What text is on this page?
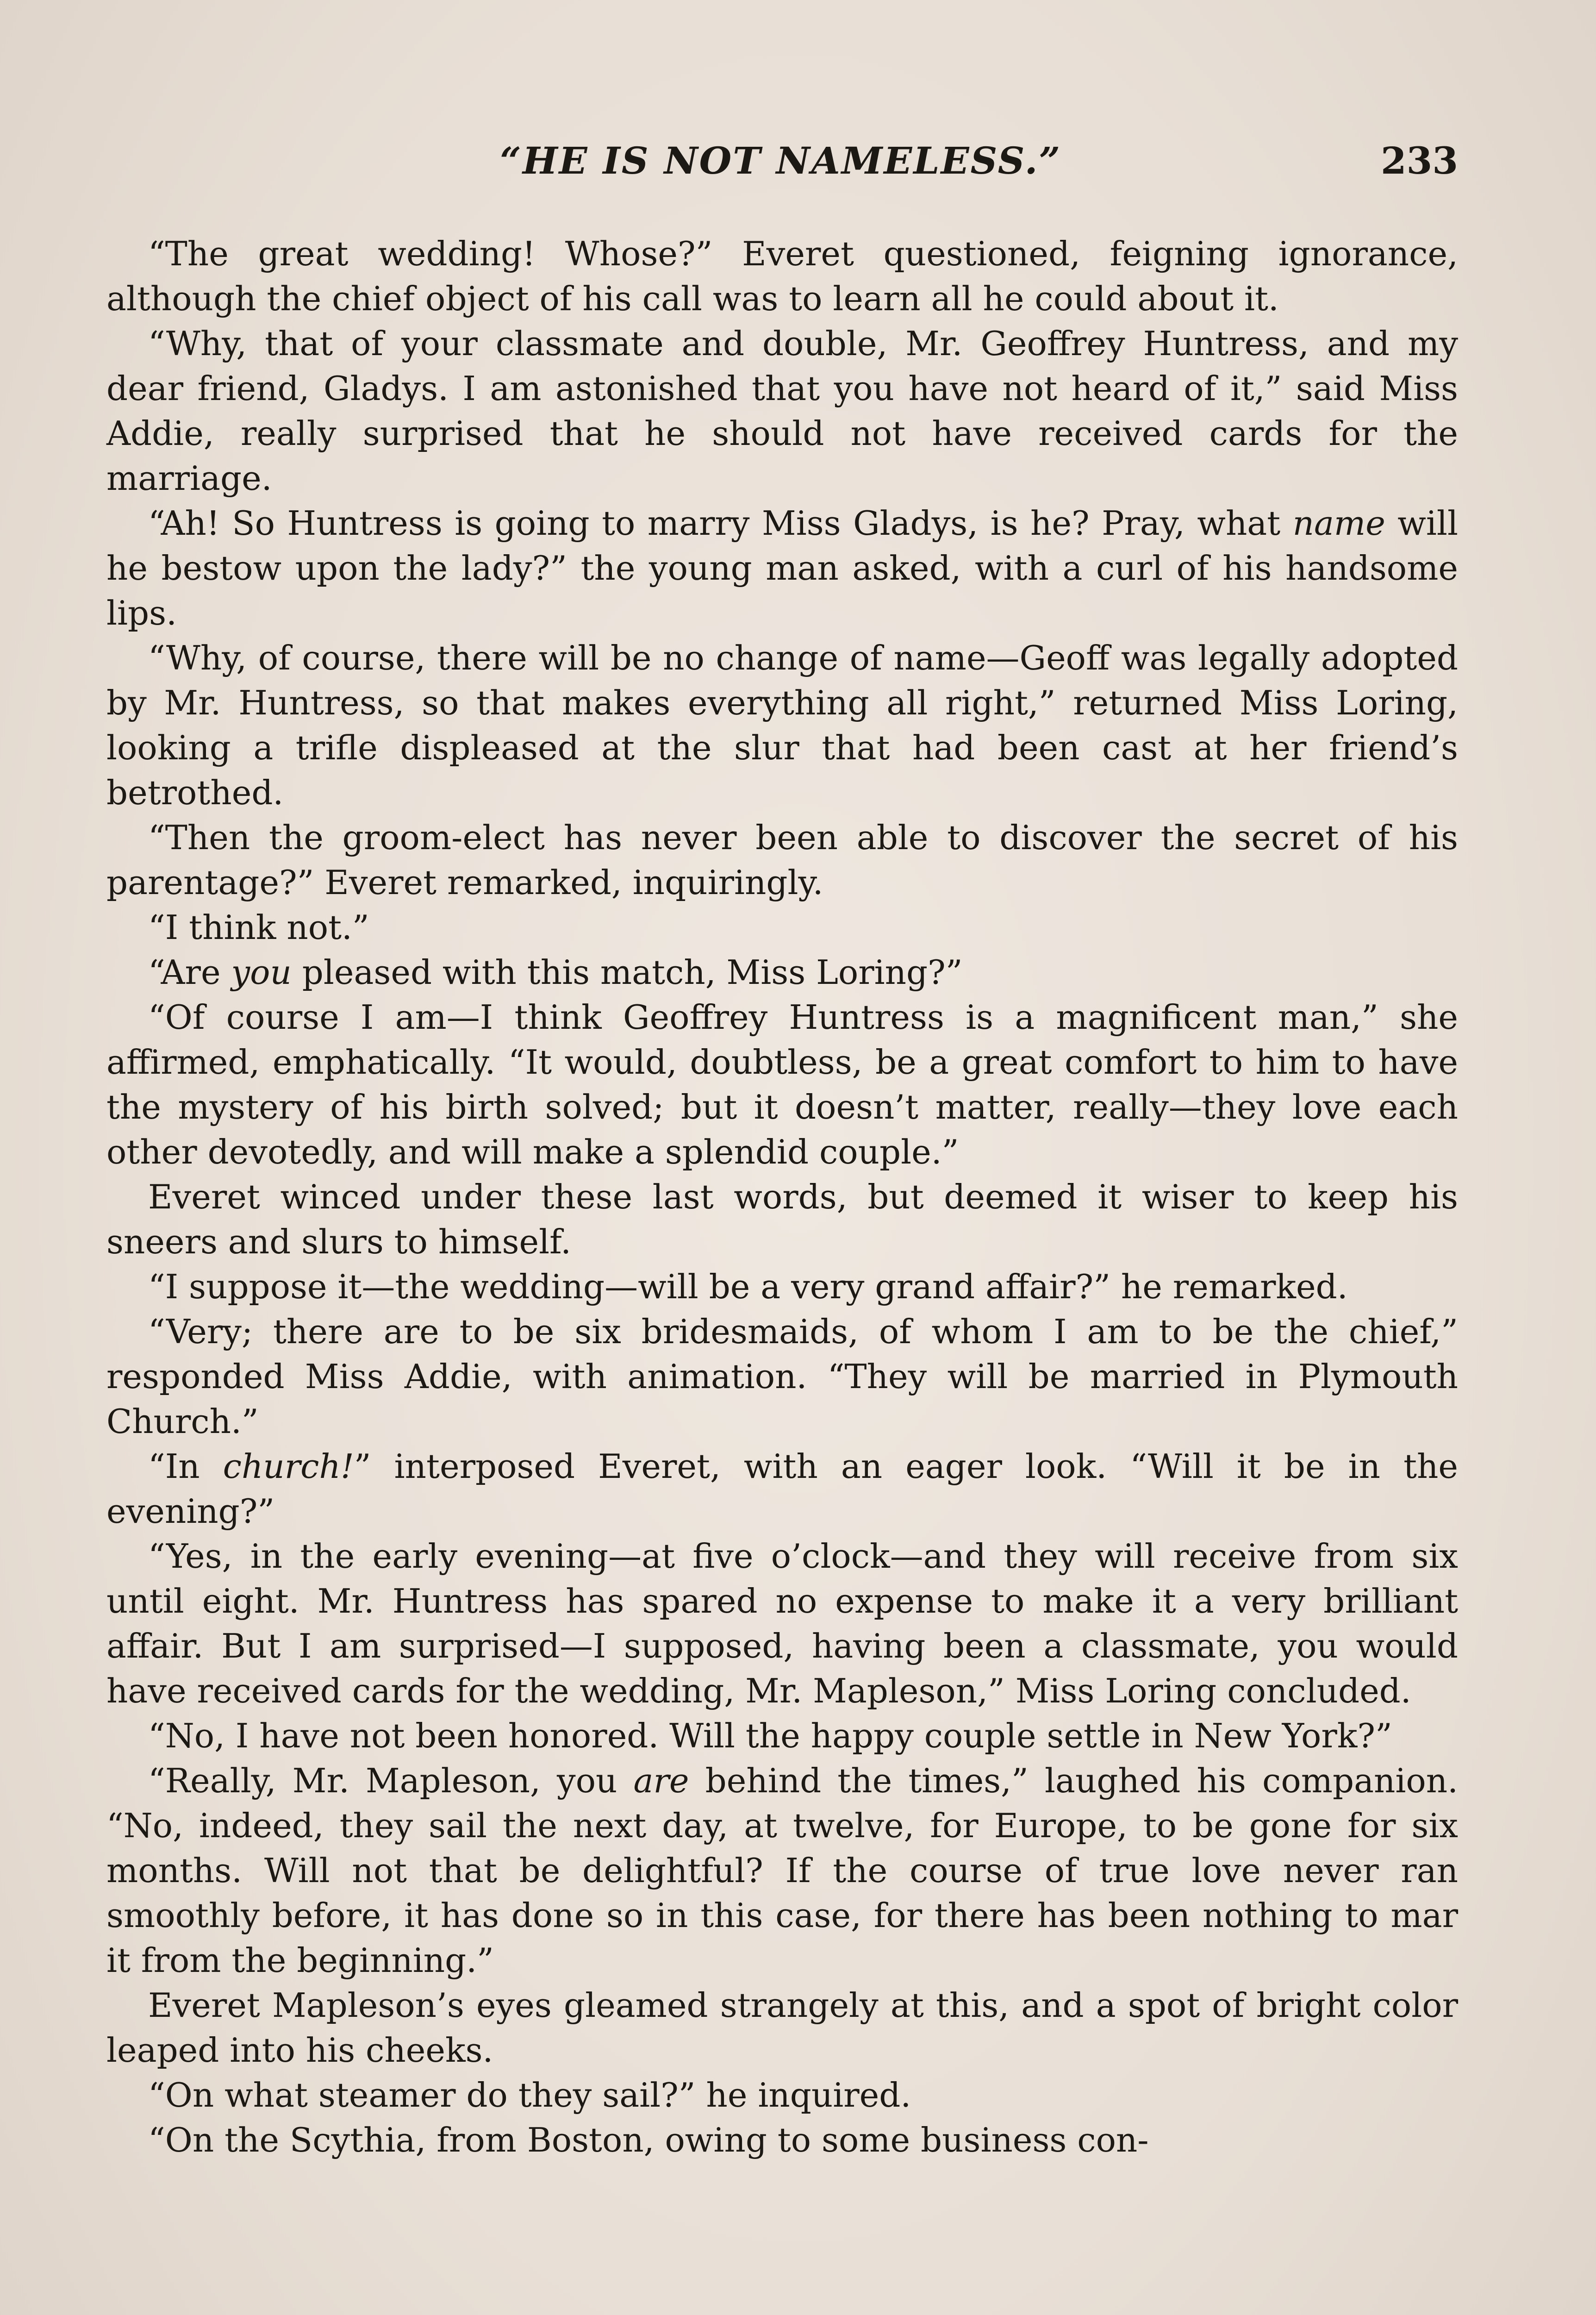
“HE IS NOT NAMELESS.”	233

“The great wedding! Whose?” Everet questioned, feigning ignorance, although the chief object of his call was to learn all he could about it.

“Why, that of your classmate and double, Mr. Geoffrey Huntress, and my dear friend, Gladys. I am astonished that you have not heard of it,” said Miss Addie, really surprised that he should not have received cards for the marriage.

“Ah! So Huntress is going to marry Miss Gladys, is he? Pray, what name will he bestow upon the lady?” the young man asked, with a curl of his handsome lips.

“Why, of course, there will be no change of name—Geoff was legally adopted by Mr. Huntress, so that makes everything all right,” returned Miss Loring, looking a trifle displeased at the slur that had been cast at her friend’s betrothed.

“Then the groom-elect has never been able to discover the secret of his parentage?” Everet remarked, inquiringly.

“I think not.”

“Are you pleased with this match, Miss Loring?”

“Of course I am—I think Geoffrey Huntress is a magnificent man,” she affirmed, emphatically. “It would, doubtless, be a great comfort to him to have the mystery of his birth solved; but it doesn’t matter, really—they love each other devotedly, and will make a splendid couple.”

Everet winced under these last words, but deemed it wiser to keep his sneers and slurs to himself.

“I suppose it—the wedding—will be a very grand affair?” he remarked.

“Very; there are to be six bridesmaids, of whom I am to be the chief,” responded Miss Addie, with animation. “They will be married in Plymouth Church.”

“In church!” interposed Everet, with an eager look. “Will it be in the evening?”

“Yes, in the early evening—at five o’clock—and they will receive from six until eight. Mr. Huntress has spared no expense to make it a very brilliant affair. But I am surprised—I supposed, having been a classmate, you would have received cards for the wedding, Mr. Mapleson,” Miss Loring concluded.

“No, I have not been honored. Will the happy couple settle in New York?”

“Really, Mr. Mapleson, you are behind the times,” laughed his companion. “No, indeed, they sail the next day, at twelve, for Europe, to be gone for six months. Will not that be delightful? If the course of true love never ran smoothly before, it has done so in this case, for there has been nothing to mar it from the beginning.”

Everet Mapleson’s eyes gleamed strangely at this, and a spot of bright color leaped into his cheeks.

“On what steamer do they sail?” he inquired.

“On the Scythia, from Boston, owing to some business con-
